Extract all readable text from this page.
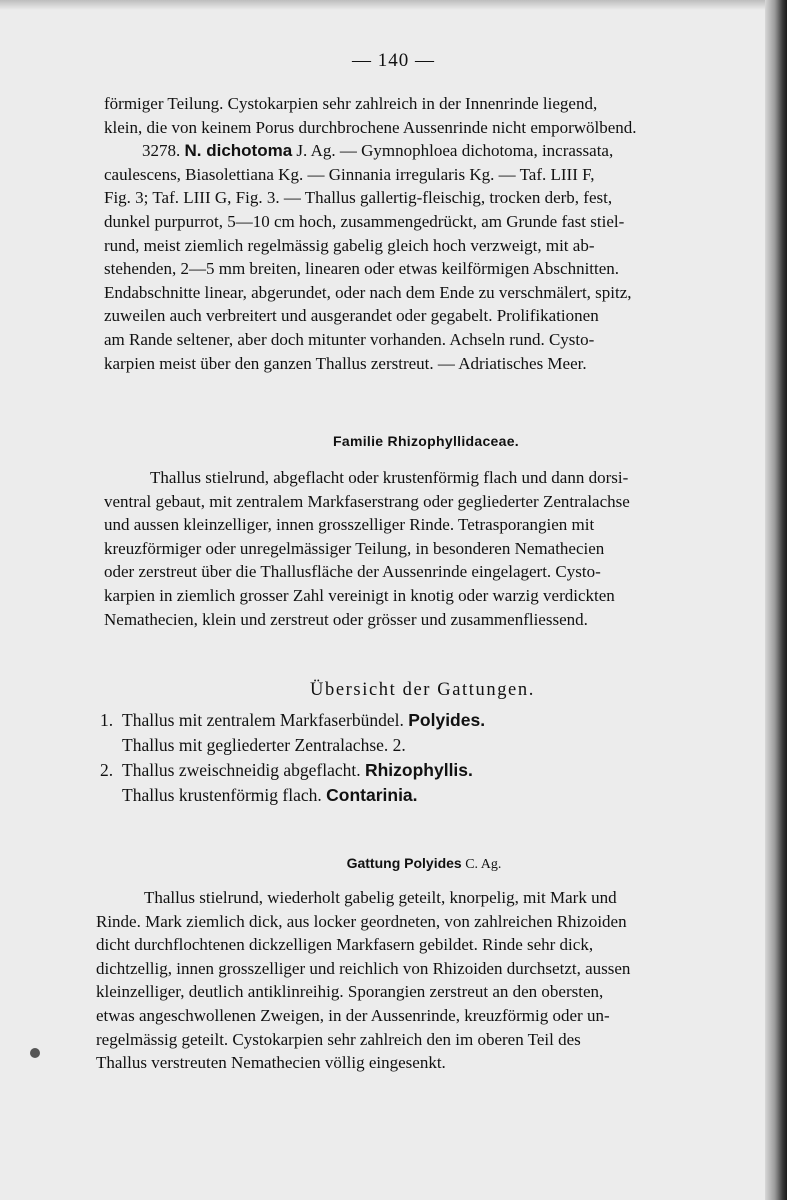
— 140 —

förmiger Teilung. Cystokarpien sehr zahlreich in der Innenrinde liegend,

klein, die von keinem Porus durchbrochene Aussenrinde nicht emporwölbend.

3278. N. dichotoma J. Ag. — Gymnophloea dichotoma, incrassata,

caulescens, Biasolettiana Kg. — Ginnania irregularis Kg. — Taf. LIII F,

Fig. 3; Taf. LIII G, Fig. 3. — Thallus gallertig-fleischig, trocken derb, fest,

dunkel purpurrot, 5—10 cm hoch, zusammengedrückt, am Grunde fast stiel-

rund, meist ziemlich regelmässig gabelig gleich hoch verzweigt, mit ab-

stehenden, 2—5 mm breiten, linearen oder etwas keilförmigen Abschnitten.

Endabschnitte linear, abgerundet, oder nach dem Ende zu verschmälert, spitz,

zuweilen auch verbreitert und ausgerandet oder gegabelt. Prolifikationen

am Rande seltener, aber doch mitunter vorhanden. Achseln rund. Cysto-

karpien meist über den ganzen Thallus zerstreut. — Adriatisches Meer.

Familie Rhizophyllidaceae.

Thallus stielrund, abgeflacht oder krustenförmig flach und dann dorsi-

ventral gebaut, mit zentralem Markfaserstrang oder gegliederter Zentralachse

und aussen kleinzelliger, innen grosszelliger Rinde. Tetrasporangien mit

kreuzförmiger oder unregelmässiger Teilung, in besonderen Nemathecien

oder zerstreut über die Thallusfläche der Aussenrinde eingelagert. Cysto-

karpien in ziemlich grosser Zahl vereinigt in knotig oder warzig verdickten

Nemathecien, klein und zerstreut oder grösser und zusammenfliessend.

Übersicht der Gattungen.
1. Thallus mit zentralem Markfaserbündel. Polyides.
Thallus mit gegliederter Zentralachse. 2.
2. Thallus zweischneidig abgeflacht. Rhizophyllis.
Thallus krustenförmig flach. Contarinia.
Gattung Polyides C. Ag.

Thallus stielrund, wiederholt gabelig geteilt, knorpelig, mit Mark und

Rinde. Mark ziemlich dick, aus locker geordneten, von zahlreichen Rhizoiden

dicht durchflochtenen dickzelligen Markfasern gebildet. Rinde sehr dick,

dichtzellig, innen grosszelliger und reichlich von Rhizoiden durchsetzt, aussen

kleinzelliger, deutlich antiklinreihig. Sporangien zerstreut an den obersten,

etwas angeschwollenen Zweigen, in der Aussenrinde, kreuzförmig oder un-

regelmässig geteilt. Cystokarpien sehr zahlreich den im oberen Teil des

Thallus verstreuten Nemathecien völlig eingesenkt.
